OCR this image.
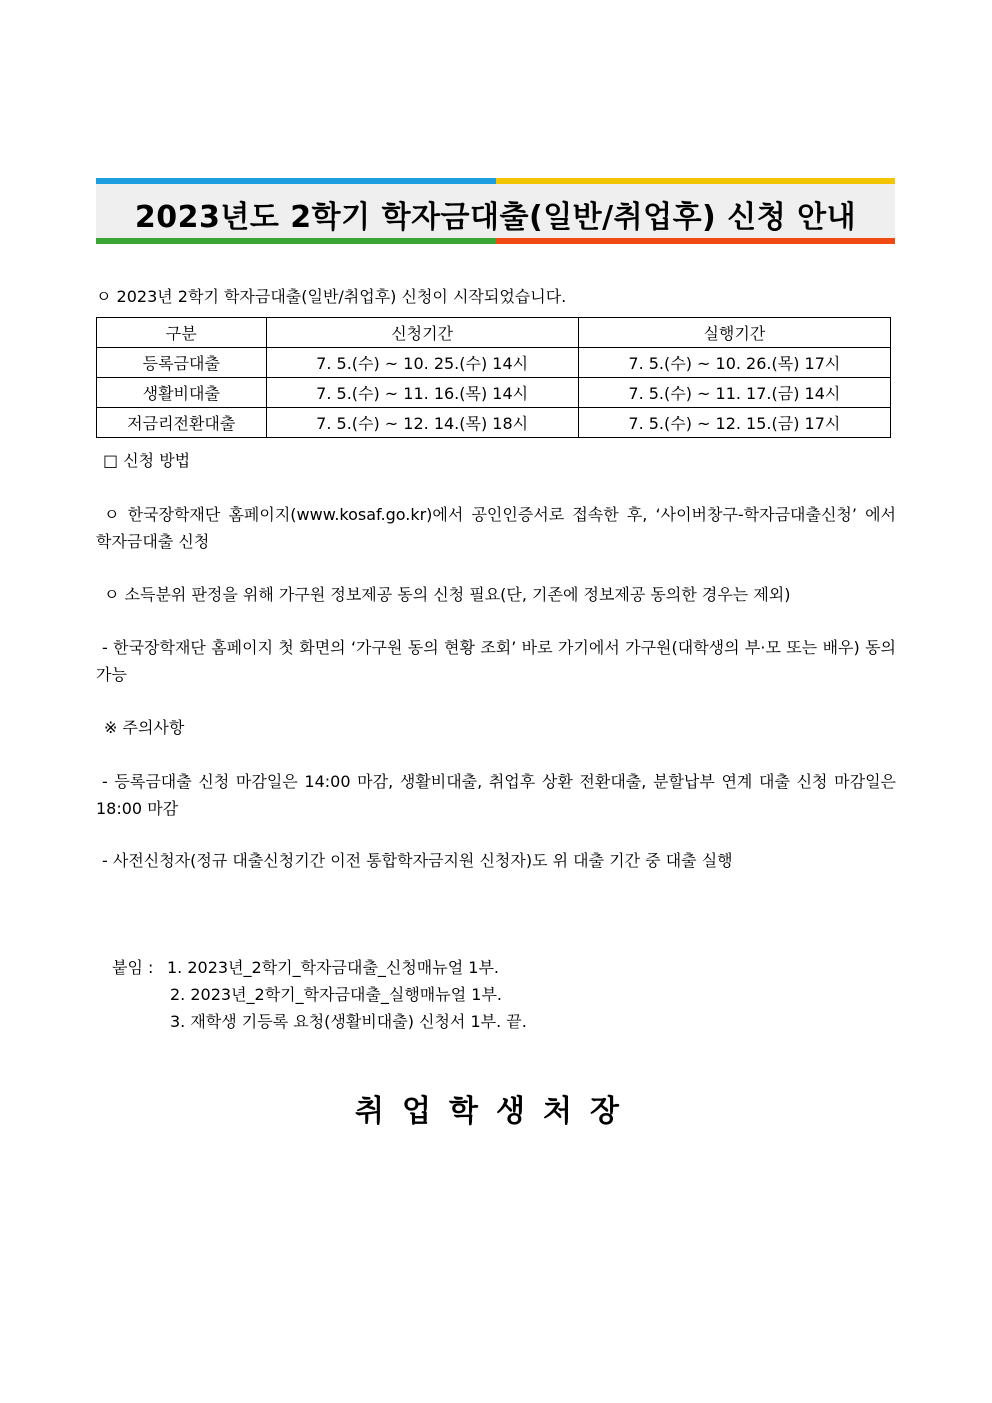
2023년도 2학기 학자금대출(일반/취업후) 신청 안내
ㅇ 2023년 2학기 학자금대출(일반/취업후) 신청이 시작되었습니다.
구분	신청기간	실행기간
등록금대출	7. 5.(수) ~ 10. 25.(수) 14시	7. 5.(수) ~ 10. 26.(목) 17시
생활비대출	7. 5.(수) ~ 11. 16.(목) 14시	7. 5.(수) ~ 11. 17.(금) 14시
저금리전환대출	7. 5.(수) ~ 12. 14.(목) 18시	7. 5.(수) ~ 12. 15.(금) 17시
□ 신청 방법
ㅇ 한국장학재단 홈페이지(www.kosaf.go.kr)에서 공인인증서로 접속한 후, ‘사이버창구-학자금대출신청’ 에서 학자금대출 신청
ㅇ 소득분위 판정을 위해 가구원 정보제공 동의 신청 필요(단, 기존에 정보제공 동의한 경우는 제외)
- 한국장학재단 홈페이지 첫 화면의 ‘가구원 동의 현황 조회’ 바로 가기에서 가구원(대학생의 부·모 또는 배우) 동의 가능
※ 주의사항
- 등록금대출 신청 마감일은 14:00 마감, 생활비대출, 취업후 상환 전환대출, 분할납부 연계 대출 신청 마감일은 18:00 마감
- 사전신청자(정규 대출신청기간 이전 통합학자금지원 신청자)도 위 대출 기간 중 대출 실행
붙임 : 1. 2023년_2학기_학자금대출_신청매뉴얼 1부.
2. 2023년_2학기_학자금대출_실행매뉴얼 1부.
3. 재학생 기등록 요청(생활비대출) 신청서 1부. 끝.
취업학생처장
